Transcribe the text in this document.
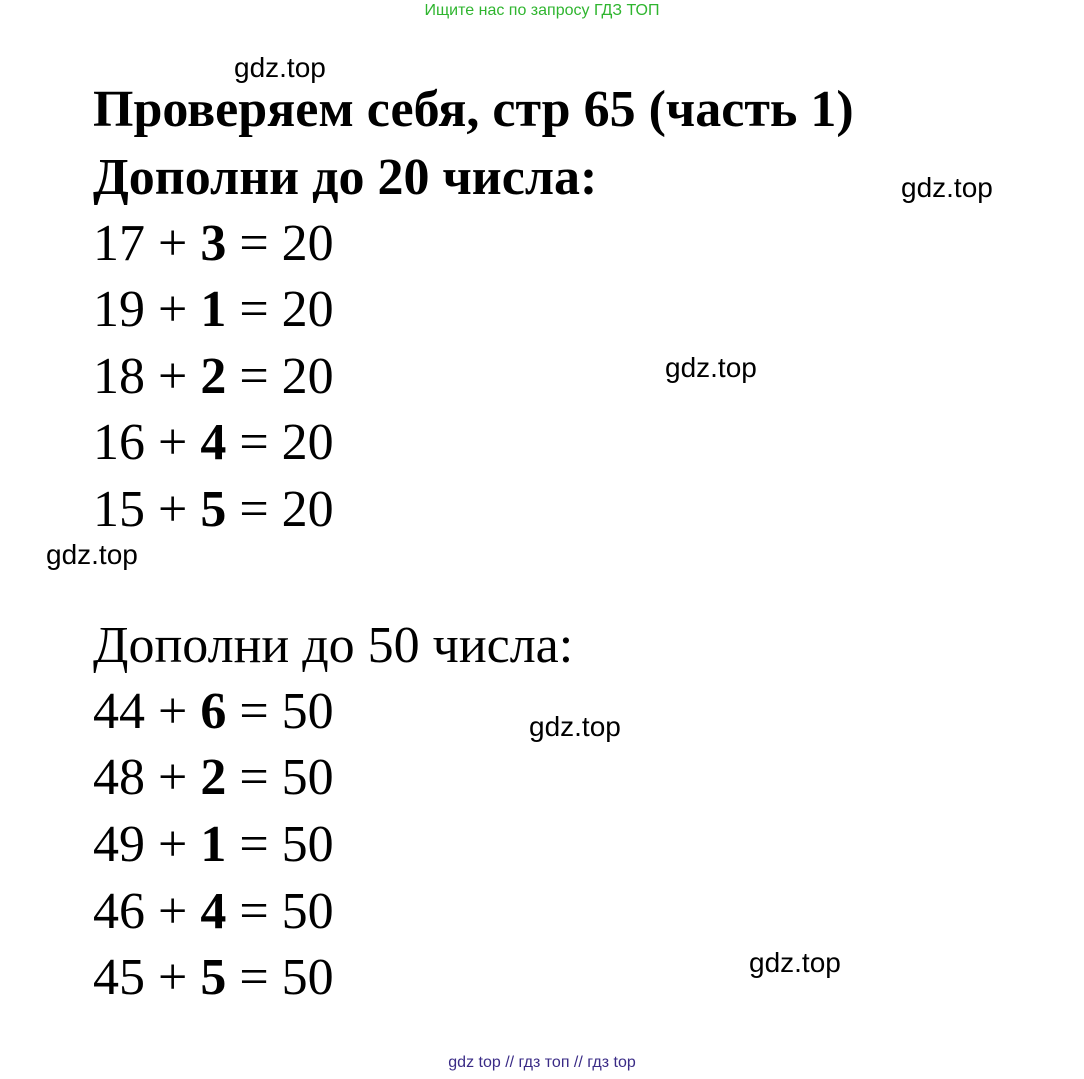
Ищите нас по запросу ГДЗ ТОП
gdz.top
gdz.top
gdz.top
gdz.top
gdz.top
gdz.top
Проверяем себя, стр 65 (часть 1)
Дополни до 20 числа:
17 + 3 = 20
19 + 1 = 20
18 + 2 = 20
16 + 4 = 20
15 + 5 = 20
Дополни до 50 числа:
44 + 6 = 50
48 + 2 = 50
49 + 1 = 50
46 + 4 = 50
45 + 5 = 50
gdz top // гдз топ // гдз top
